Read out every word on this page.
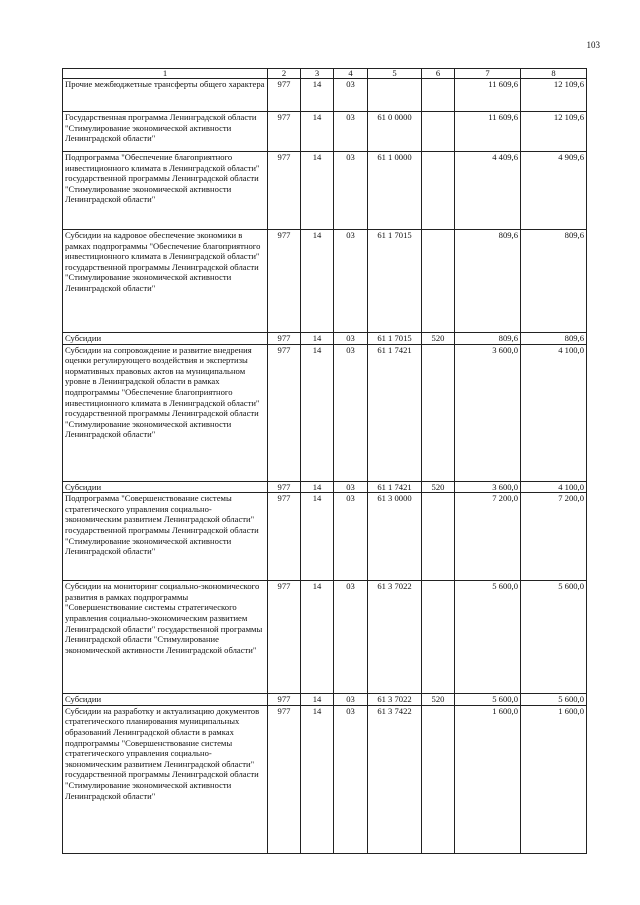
103
1	2	3	4	5	6	7	8
Прочие межбюджетные трансферты общего характера	977	14	03			11 609,6	12 109,6
Государственная программа Ленинградской области "Стимулирование экономической активности Ленинградской области"	977	14	03	61 0 0000		11 609,6	12 109,6
Подпрограмма "Обеспечение благоприятного инвестиционного климата в Ленинградской области" государственной программы Ленинградской области "Стимулирование экономической активности Ленинградской области"	977	14	03	61 1 0000		4 409,6	4 909,6
Субсидии на кадровое обеспечение экономики в рамках подпрограммы "Обеспечение благоприятного инвестиционного климата в Ленинградской области" государственной программы Ленинградской области "Стимулирование экономической активности Ленинградской области"	977	14	03	61 1 7015		809,6	809,6
Субсидии	977	14	03	61 1 7015	520	809,6	809,6
Субсидии на сопровождение и развитие внедрения оценки регулирующего воздействия и экспертизы нормативных правовых актов на муниципальном уровне в Ленинградской области в рамках подпрограммы "Обеспечение благоприятного инвестиционного климата в Ленинградской области" государственной программы Ленинградской области "Стимулирование экономической активности Ленинградской области"	977	14	03	61 1 7421		3 600,0	4 100,0
Субсидии	977	14	03	61 1 7421	520	3 600,0	4 100,0
Подпрограмма "Совершенствование системы стратегического управления социально-экономическим развитием Ленинградской области" государственной программы Ленинградской области "Стимулирование экономической активности Ленинградской области"	977	14	03	61 3 0000		7 200,0	7 200,0
Субсидии на мониторинг социально-экономического развития в рамках подпрограммы "Совершенствование системы стратегического управления социально-экономическим развитием Ленинградской области" государственной программы Ленинградской области "Стимулирование экономической активности Ленинградской области"	977	14	03	61 3 7022		5 600,0	5 600,0
Субсидии	977	14	03	61 3 7022	520	5 600,0	5 600,0
Субсидии на разработку и актуализацию документов стратегического планирования муниципальных образований Ленинградской области в рамках подпрограммы "Совершенствование системы стратегического управления социально-экономическим развитием Ленинградской области" государственной программы Ленинградской области "Стимулирование экономической активности Ленинградской области"	977	14	03	61 3 7422		1 600,0	1 600,0
